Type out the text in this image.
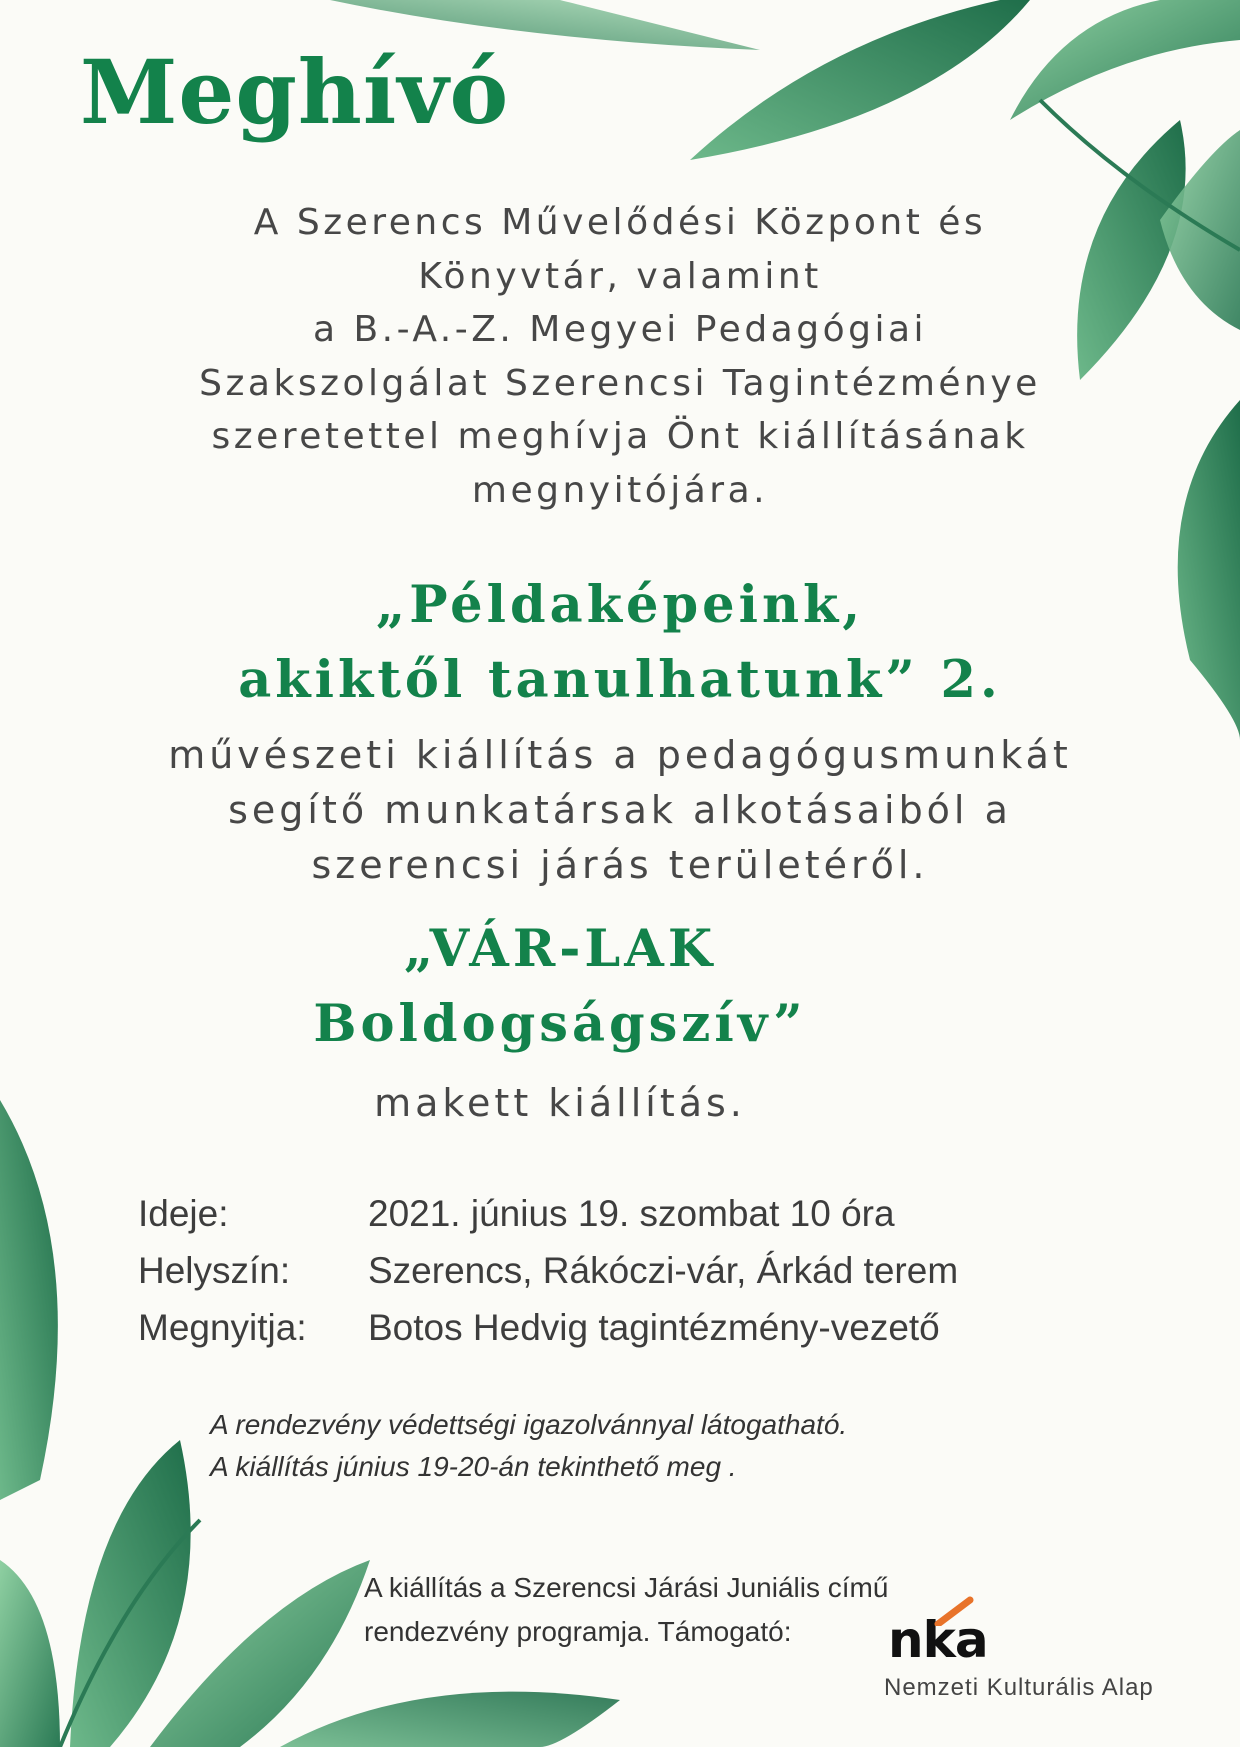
Meghívó
A Szerencs Művelődési Központ és
Könyvtár, valamint
a B.-A.-Z. Megyei Pedagógiai
Szakszolgálat Szerencsi Tagintézménye
szeretettel meghívja Önt kiállításának
megnyitójára.
„Példaképeink,
akiktől tanulhatunk” 2.
művészeti kiállítás a pedagógusmunkát
segítő munkatársak alkotásaiból a
szerencsi járás területéről.
„VÁR-LAK
Boldogságszív”
makett kiállítás.
Ideje:	2021. június 19. szombat 10 óra
Helyszín:	Szerencs, Rákóczi-vár, Árkád terem
Megnyitja:	Botos Hedvig tagintézmény-vezető
A rendezvény védettségi igazolvánnyal látogatható.
A kiállítás június 19-20-án tekinthető meg .
A kiállítás a Szerencsi Járási Juniális című
rendezvény programja. Támogató:	nka
Nemzeti Kulturális Alap
